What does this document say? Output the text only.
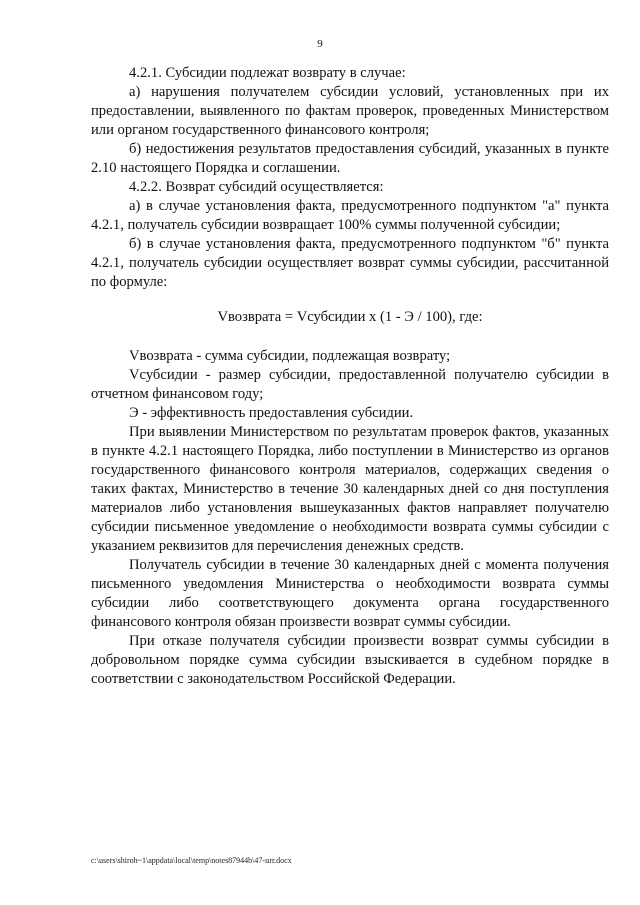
9

4.2.1. Субсидии подлежат возврату в случае:

а) нарушения получателем субсидии условий, установленных при их предоставлении, выявленного по фактам проверок, проведенных Министерством или органом государственного финансового контроля;

б) недостижения результатов предоставления субсидий, указанных в пункте 2.10 настоящего Порядка и соглашении.

4.2.2. Возврат субсидий осуществляется:

а) в случае установления факта, предусмотренного подпунктом "а" пункта 4.2.1, получатель субсидии возвращает 100% суммы полученной субсидии;

б) в случае установления факта, предусмотренного подпунктом "б" пункта 4.2.1, получатель субсидии осуществляет возврат суммы субсидии, рассчитанной по формуле:

Vвозврата = Vсубсидии x (1 - Э / 100), где:

Vвозврата - сумма субсидии, подлежащая возврату;

Vсубсидии - размер субсидии, предоставленной получателю субсидии в отчетном финансовом году;

Э - эффективность предоставления субсидии.

При выявлении Министерством по результатам проверок фактов, указанных в пункте 4.2.1 настоящего Порядка, либо поступлении в Министерство из органов государственного финансового контроля материалов, содержащих сведения о таких фактах, Министерство в течение 30 календарных дней со дня поступления материалов либо установления вышеуказанных фактов направляет получателю субсидии письменное уведомление о необходимости возврата суммы субсидии с указанием реквизитов для перечисления денежных средств.

Получатель субсидии в течение 30 календарных дней с момента получения письменного уведомления Министерства о необходимости возврата суммы субсидии либо соответствующего документа органа государственного финансового контроля обязан произвести возврат суммы субсидии.

При отказе получателя субсидии произвести возврат суммы субсидии в добровольном порядке сумма субсидии взыскивается в судебном порядке в соответствии с законодательством Российской Федерации.

c:\users\shiroh~1\appdata\local\temp\notes87944b\47-шт.docx
